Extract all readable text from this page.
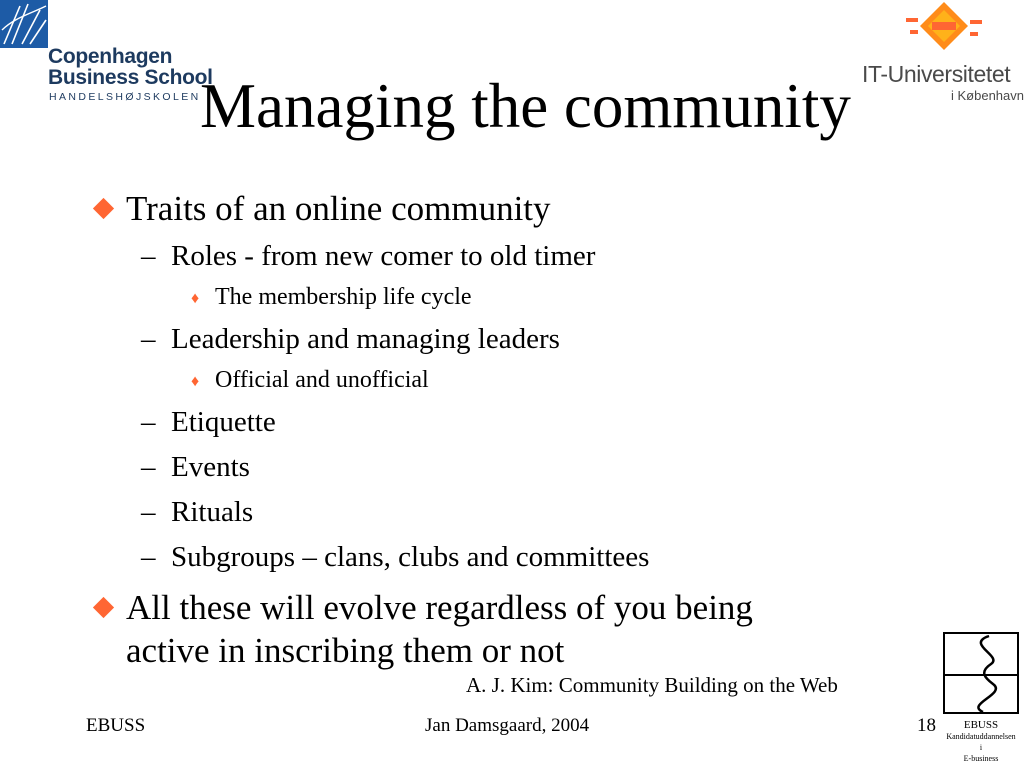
Copenhagen
Business School
HANDELSHØJSKOLEN
IT-Universitetet
i København
Managing the community
Traits of an online community
– Roles - from new comer to old timer
♦ The membership life cycle
– Leadership and managing leaders
♦ Official and unofficial
– Etiquette
– Events
– Rituals
– Subgroups – clans, clubs and committees
All these will evolve regardless of you being
active in inscribing them or not
A. J. Kim: Community Building on the Web
EBUSS
Kandidatuddannelsen
i
E-business
EBUSS	Jan Damsgaard, 2004	18
